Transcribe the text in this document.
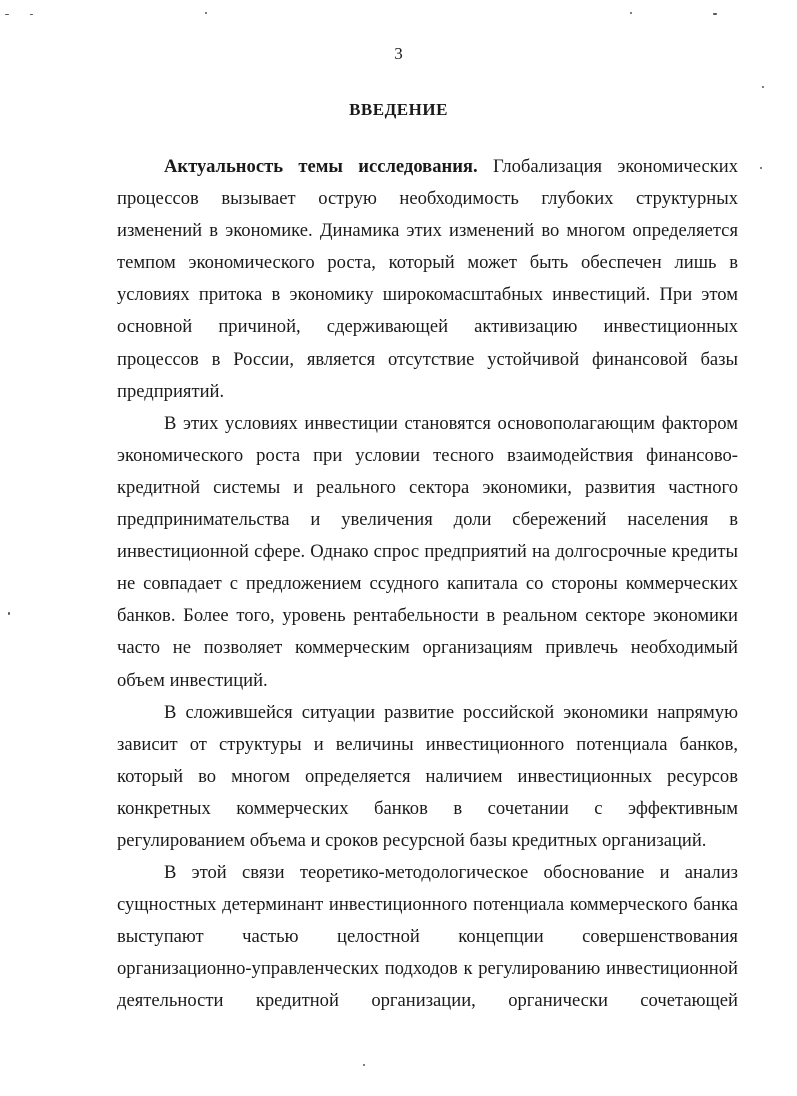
3
ВВЕДЕНИЕ

Актуальность темы исследования. Глобализация экономических процессов вызывает острую необходимость глубоких структурных изменений в экономике. Динамика этих изменений во многом определяется темпом экономического роста, который может быть обеспечен лишь в условиях притока в экономику широкомасштабных инвестиций. При этом основной причиной, сдерживающей активизацию инвестиционных процессов в России, является отсутствие устойчивой финансовой базы предприятий.

В этих условиях инвестиции становятся основополагающим фактором экономического роста при условии тесного взаимодействия финансово-кредитной системы и реального сектора экономики, развития частного предпринимательства и увеличения доли сбережений населения в инвестиционной сфере. Однако спрос предприятий на долгосрочные кредиты не совпадает с предложением ссудного капитала со стороны коммерческих банков. Более того, уровень рентабельности в реальном секторе экономики часто не позволяет коммерческим организациям привлечь необходимый объем инвестиций.

В сложившейся ситуации развитие российской экономики напрямую зависит от структуры и величины инвестиционного потенциала банков, который во многом определяется наличием инвестиционных ресурсов конкретных коммерческих банков в сочетании с эффективным регулированием объема и сроков ресурсной базы кредитных организаций.

В этой связи теоретико-методологическое обоснование и анализ сущностных детерминант инвестиционного потенциала коммерческого банка выступают частью целостной концепции совершенствования организационно-управленческих подходов к регулированию инвестиционной деятельности кредитной организации, органически сочетающей
